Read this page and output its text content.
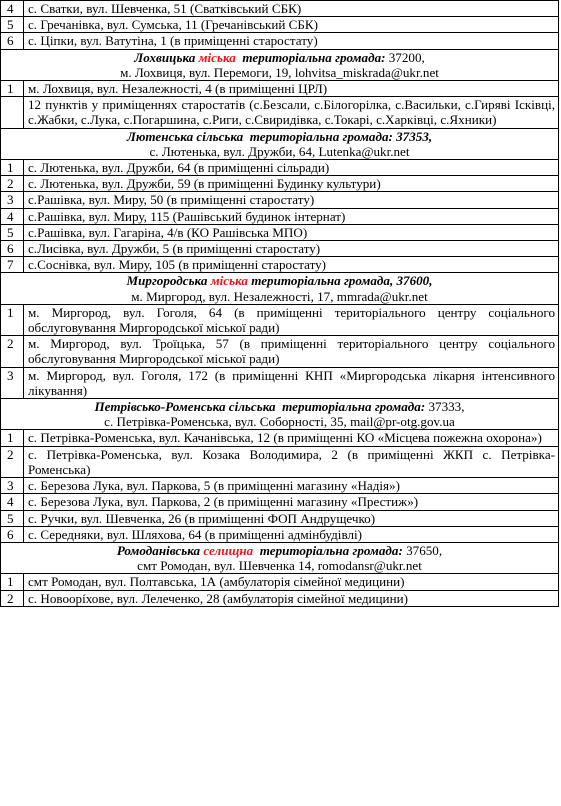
4	с. Сватки, вул. Шевченка, 51 (Сватківський СБК)
5	с. Гречанівка, вул. Сумська, 11 (Гречанівський СБК)
6	с. Ціпки, вул. Ватутіна, 1 (в приміщенні старостату)

Лохвицька міська  територіальна громада: 37200,
м. Лохвиця, вул. Перемоги, 19, lohvitsa_miskrada@ukr.net	

1	м. Лохвиця, вул. Незалежності, 4 (в приміщенні ЦРЛ)
	12 пунктів у приміщеннях старостатів (с.Безсали, с.Білогорілка, с.Васильки, с.Гиряві Ісківці, с.Жабки, с.Лука, с.Погаршина, с.Риги, с.Свиридівка, с.Токарі, с.Харківці, с.Яхники)

Лютенська сільська  територіальна громада: 37353,
с. Лютенька, вул. Дружби, 64, Lutenka@ukr.net	

1	с. Лютенька, вул. Дружби, 64 (в приміщенні сільради)
2	с. Лютенька, вул. Дружби, 59 (в приміщенні Будинку культури)
3	с.Рашівка, вул. Миру, 50 (в приміщенні старостату)
4	с.Рашівка, вул. Миру, 115 (Рашівський будинок інтернат)
5	с.Рашівка, вул. Гагаріна, 4/в (КО Рашівська МПО)
6	с.Лисівка, вул. Дружби, 5 (в приміщенні старостату)
7	с.Соснівка, вул. Миру, 105 (в приміщенні старостату)

Миргородська міська територіальна громада, 37600,
м. Миргород, вул. Незалежності, 17, mmrada@ukr.net	

1	м. Миргород, вул. Гоголя, 64 (в приміщенні територіального центру соціального обслуговування Миргородської міської ради)
2	м. Миргород, вул. Троїцька, 57 (в приміщенні територіального центру соціального обслуговування Миргородської міської ради)
3	м. Миргород, вул. Гоголя, 172 (в приміщенні КНП «Миргородська лікарня інтенсивного лікування)

Петрівсько-Роменська сільська  територіальна громада: 37333,
с. Петрівка-Роменська, вул. Соборності, 35, mail@pr-otg.gov.ua	

1	с. Петрівка-Роменська, вул. Качанівська, 12 (в приміщенні КО «Місцева пожежна охорона»)
2	с. Петрівка-Роменська, вул. Козака Володимира, 2 (в приміщенні ЖКП с. Петрівка-Роменська)
3	с. Березова Лука, вул. Паркова, 5 (в приміщенні магазину «Надія»)
4	с. Березова Лука, вул. Паркова, 2 (в приміщенні магазину «Престиж»)
5	с. Ручки, вул. Шевченка, 26 (в приміщенні ФОП Андрущечко)
6	с. Середняки, вул. Шляхова, 64 (в приміщенні адмінбудівлі)

Ромоданівська селищна  територіальна громада: 37650,
смт Ромодан, вул. Шевченка 14, romodansr@ukr.net	

1	смт Ромодан, вул. Полтавська, 1А (амбулаторія сімейної медицини)
2	с. Новоорíхове, вул. Лелеченко, 28 (амбулаторія сімейної медицини)
